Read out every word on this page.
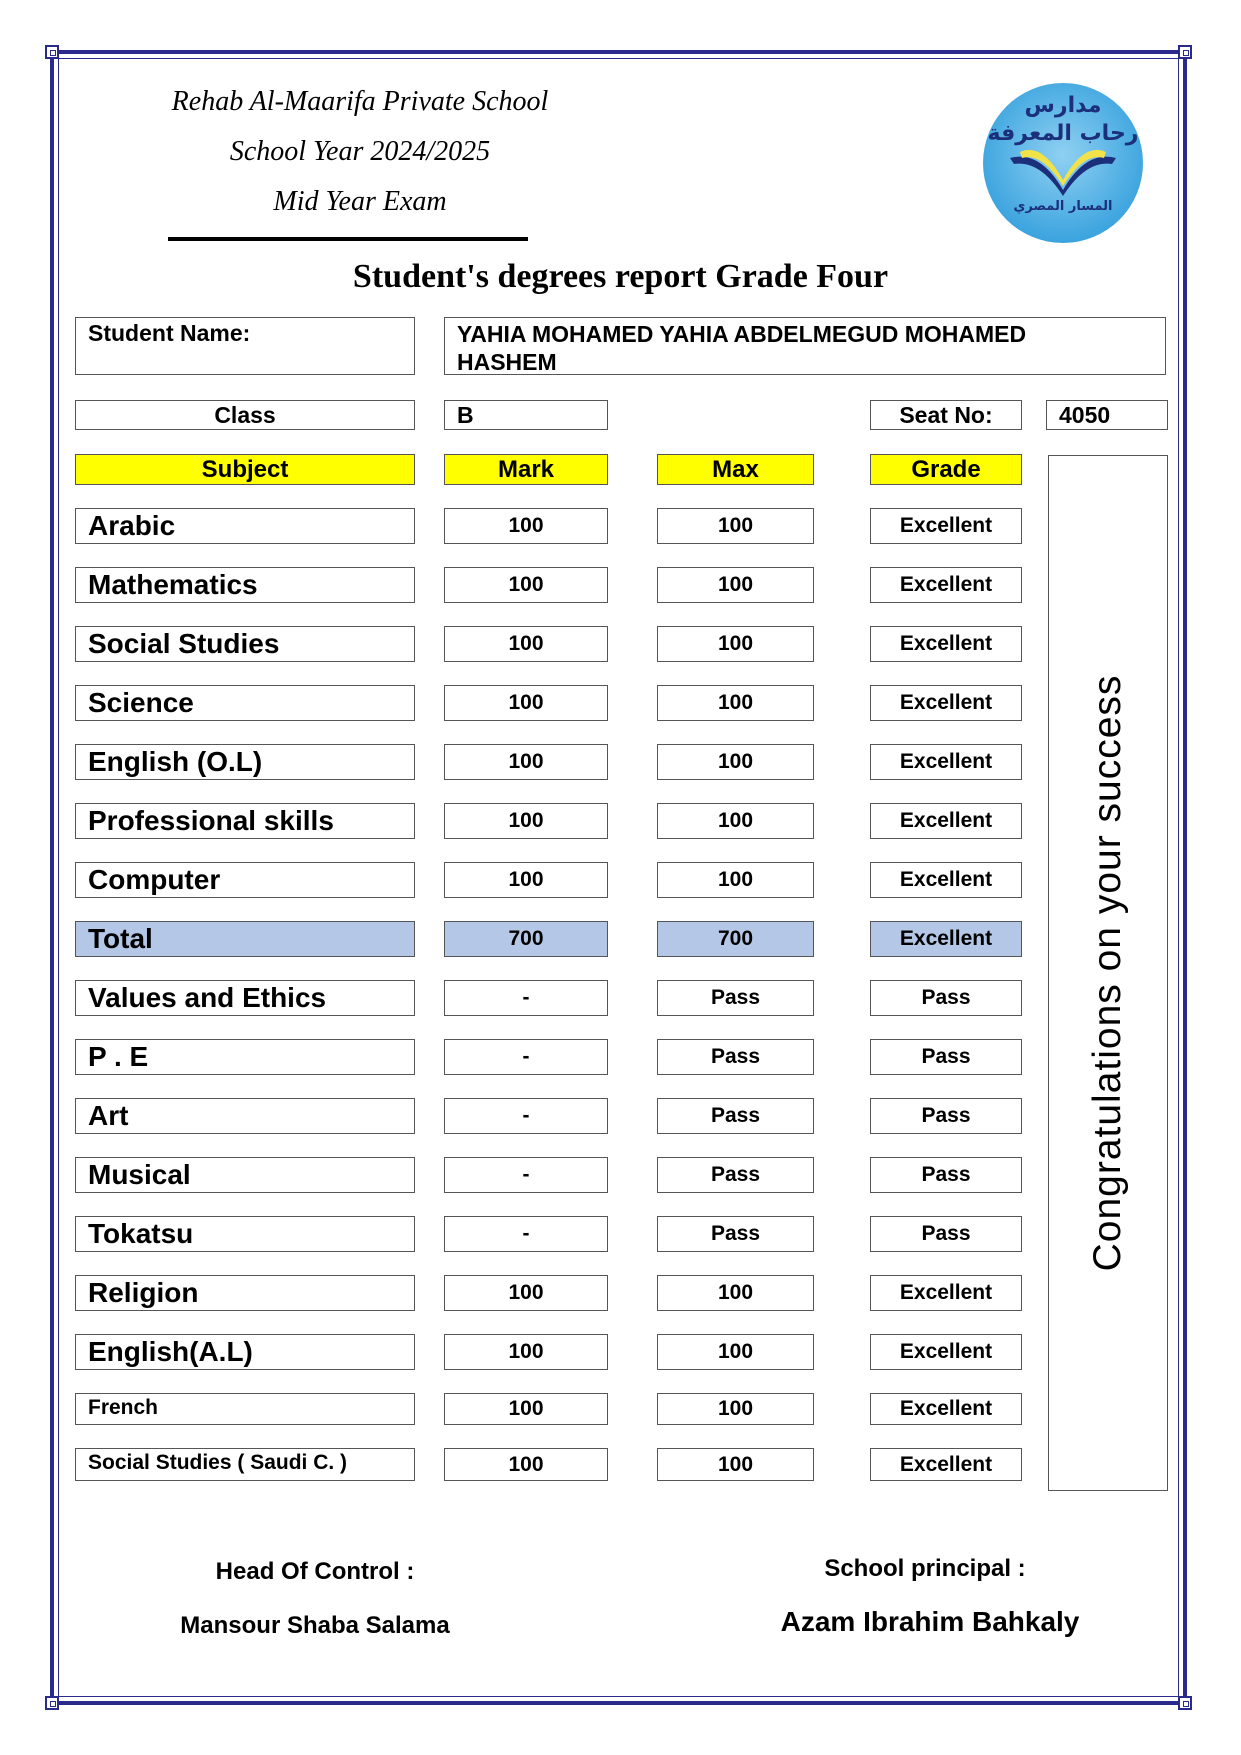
Rehab Al-Maarifa Private School
School Year 2024/2025
Mid Year Exam
مدارس
رحاب المعرفة
المسار المصري
Student's degrees report Grade Four
Student Name:	YAHIA MOHAMED YAHIA ABDELMEGUD MOHAMED
HASHEM
Class	B	Seat No:	4050
Subject	Mark	Max	Grade
Arabic	100	100	Excellent
Mathematics	100	100	Excellent
Social Studies	100	100	Excellent
Science	100	100	Excellent
English (O.L)	100	100	Excellent
Professional skills	100	100	Excellent
Computer	100	100	Excellent
Total	700	700	Excellent
Values and Ethics	-	Pass	Pass
P . E	-	Pass	Pass
Art	-	Pass	Pass
Musical	-	Pass	Pass
Tokatsu	-	Pass	Pass
Religion	100	100	Excellent
English(A.L)	100	100	Excellent
French	100	100	Excellent
Social Studies ( Saudi C. )	100	100	Excellent
Congratulations on your success
Head Of Control :
Mansour Shaba Salama
School principal :
Azam Ibrahim Bahkaly
